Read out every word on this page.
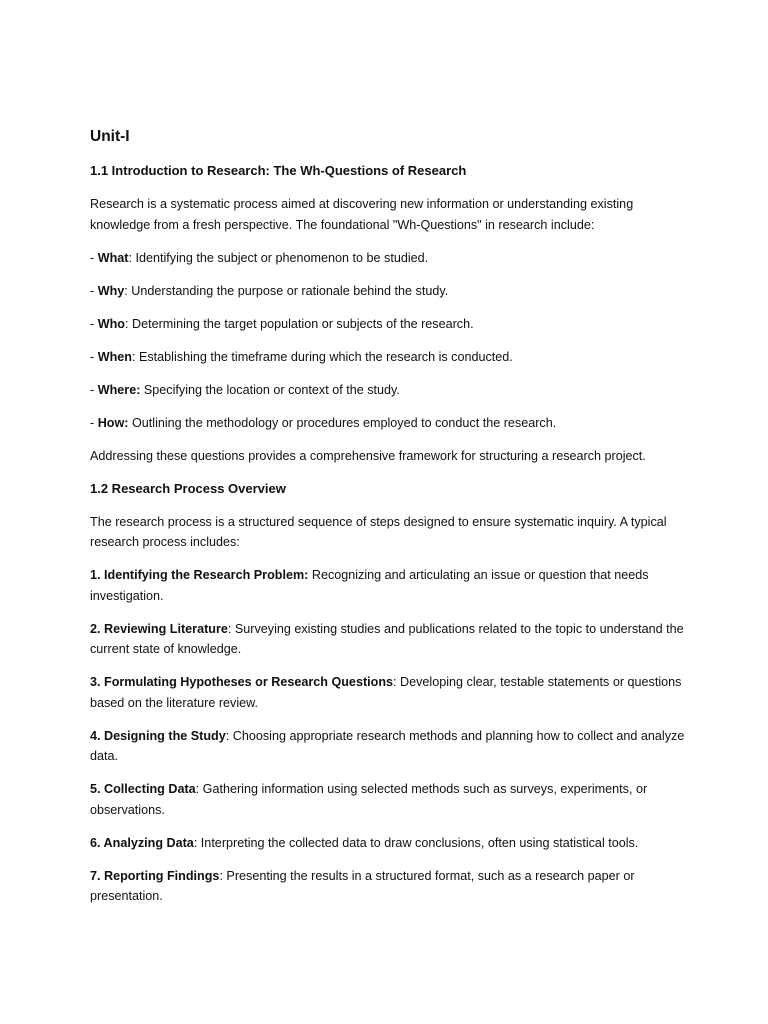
Unit-I
1.1 Introduction to Research: The Wh-Questions of Research
Research is a systematic process aimed at discovering new information or understanding existing knowledge from a fresh perspective. The foundational "Wh-Questions" in research include:
- What: Identifying the subject or phenomenon to be studied.
- Why: Understanding the purpose or rationale behind the study.
- Who: Determining the target population or subjects of the research.
- When: Establishing the timeframe during which the research is conducted.
- Where: Specifying the location or context of the study.
- How: Outlining the methodology or procedures employed to conduct the research.
Addressing these questions provides a comprehensive framework for structuring a research project.
1.2 Research Process Overview
The research process is a structured sequence of steps designed to ensure systematic inquiry. A typical research process includes:
1. Identifying the Research Problem: Recognizing and articulating an issue or question that needs investigation.
2. Reviewing Literature: Surveying existing studies and publications related to the topic to understand the current state of knowledge.
3. Formulating Hypotheses or Research Questions: Developing clear, testable statements or questions based on the literature review.
4. Designing the Study: Choosing appropriate research methods and planning how to collect and analyze data.
5. Collecting Data: Gathering information using selected methods such as surveys, experiments, or observations.
6. Analyzing Data: Interpreting the collected data to draw conclusions, often using statistical tools.
7. Reporting Findings: Presenting the results in a structured format, such as a research paper or presentation.
